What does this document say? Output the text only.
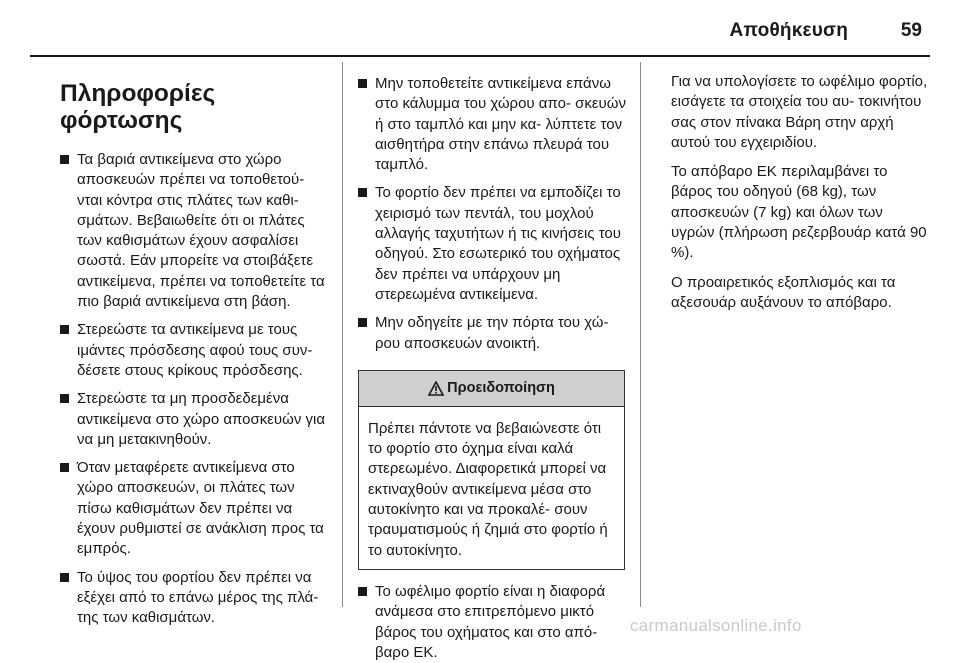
Αποθήκευση	59
Πληροφορίες φόρτωσης
Τα βαριά αντικείμενα στο χώρο αποσκευών πρέπει να τοποθετού- νται κόντρα στις πλάτες των καθι- σμάτων. Βεβαιωθείτε ότι οι πλάτες των καθισμάτων έχουν ασφαλίσει σωστά. Εάν μπορείτε να στοιβάξετε αντικείμενα, πρέπει να τοποθετείτε τα πιο βαριά αντικείμενα στη βάση.
Στερεώστε τα αντικείμενα με τους ιμάντες πρόσδεσης αφού τους συν- δέσετε στους κρίκους πρόσδεσης.
Στερεώστε τα μη προσδεδεμένα αντικείμενα στο χώρο αποσκευών για να μη μετακινηθούν.
Όταν μεταφέρετε αντικείμενα στο χώρο αποσκευών, οι πλάτες των πίσω καθισμάτων δεν πρέπει να έχουν ρυθμιστεί σε ανάκλιση προς τα εμπρός.
Το ύψος του φορτίου δεν πρέπει να εξέχει από το επάνω μέρος της πλά- της των καθισμάτων.
Μην τοποθετείτε αντικείμενα επάνω στο κάλυμμα του χώρου απο- σκευών ή στο ταμπλό και μην κα- λύπτετε τον αισθητήρα στην επάνω πλευρά του ταμπλό.
Το φορτίο δεν πρέπει να εμποδίζει το χειρισμό των πεντάλ, του μοχλού αλλαγής ταχυτήτων ή τις κινήσεις του οδηγού. Στο εσωτερικό του οχήματος δεν πρέπει να υπάρχουν μη στερεωμένα αντικείμενα.
Μην οδηγείτε με την πόρτα του χώ- ρου αποσκευών ανοικτή.
Προειδοποίηση
Πρέπει πάντοτε να βεβαιώνεστε ότι το φορτίο στο όχημα είναι καλά στερεωμένο. Διαφορετικά μπορεί να εκτιναχθούν αντικείμενα μέσα στο αυτοκίνητο και να προκαλέ- σουν τραυματισμούς ή ζημιά στο φορτίο ή το αυτοκίνητο.
Το ωφέλιμο φορτίο είναι η διαφορά ανάμεσα στο επιτρεπόμενο μικτό βάρος του οχήματος και στο από- βαρο ΕΚ.

Για να υπολογίσετε το ωφέλιμο φορτίο, εισάγετε τα στοιχεία του αυ- τοκινήτου σας στον πίνακα Βάρη στην αρχή αυτού του εγχειριδίου.

Το απόβαρο ΕΚ περιλαμβάνει το βάρος του οδηγού (68 kg), των αποσκευών (7 kg) και όλων των υγρών (πλήρωση ρεζερβουάρ κατά 90 %).

Ο προαιρετικός εξοπλισμός και τα αξεσουάρ αυξάνουν το απόβαρο.

carmanualsonline.info
